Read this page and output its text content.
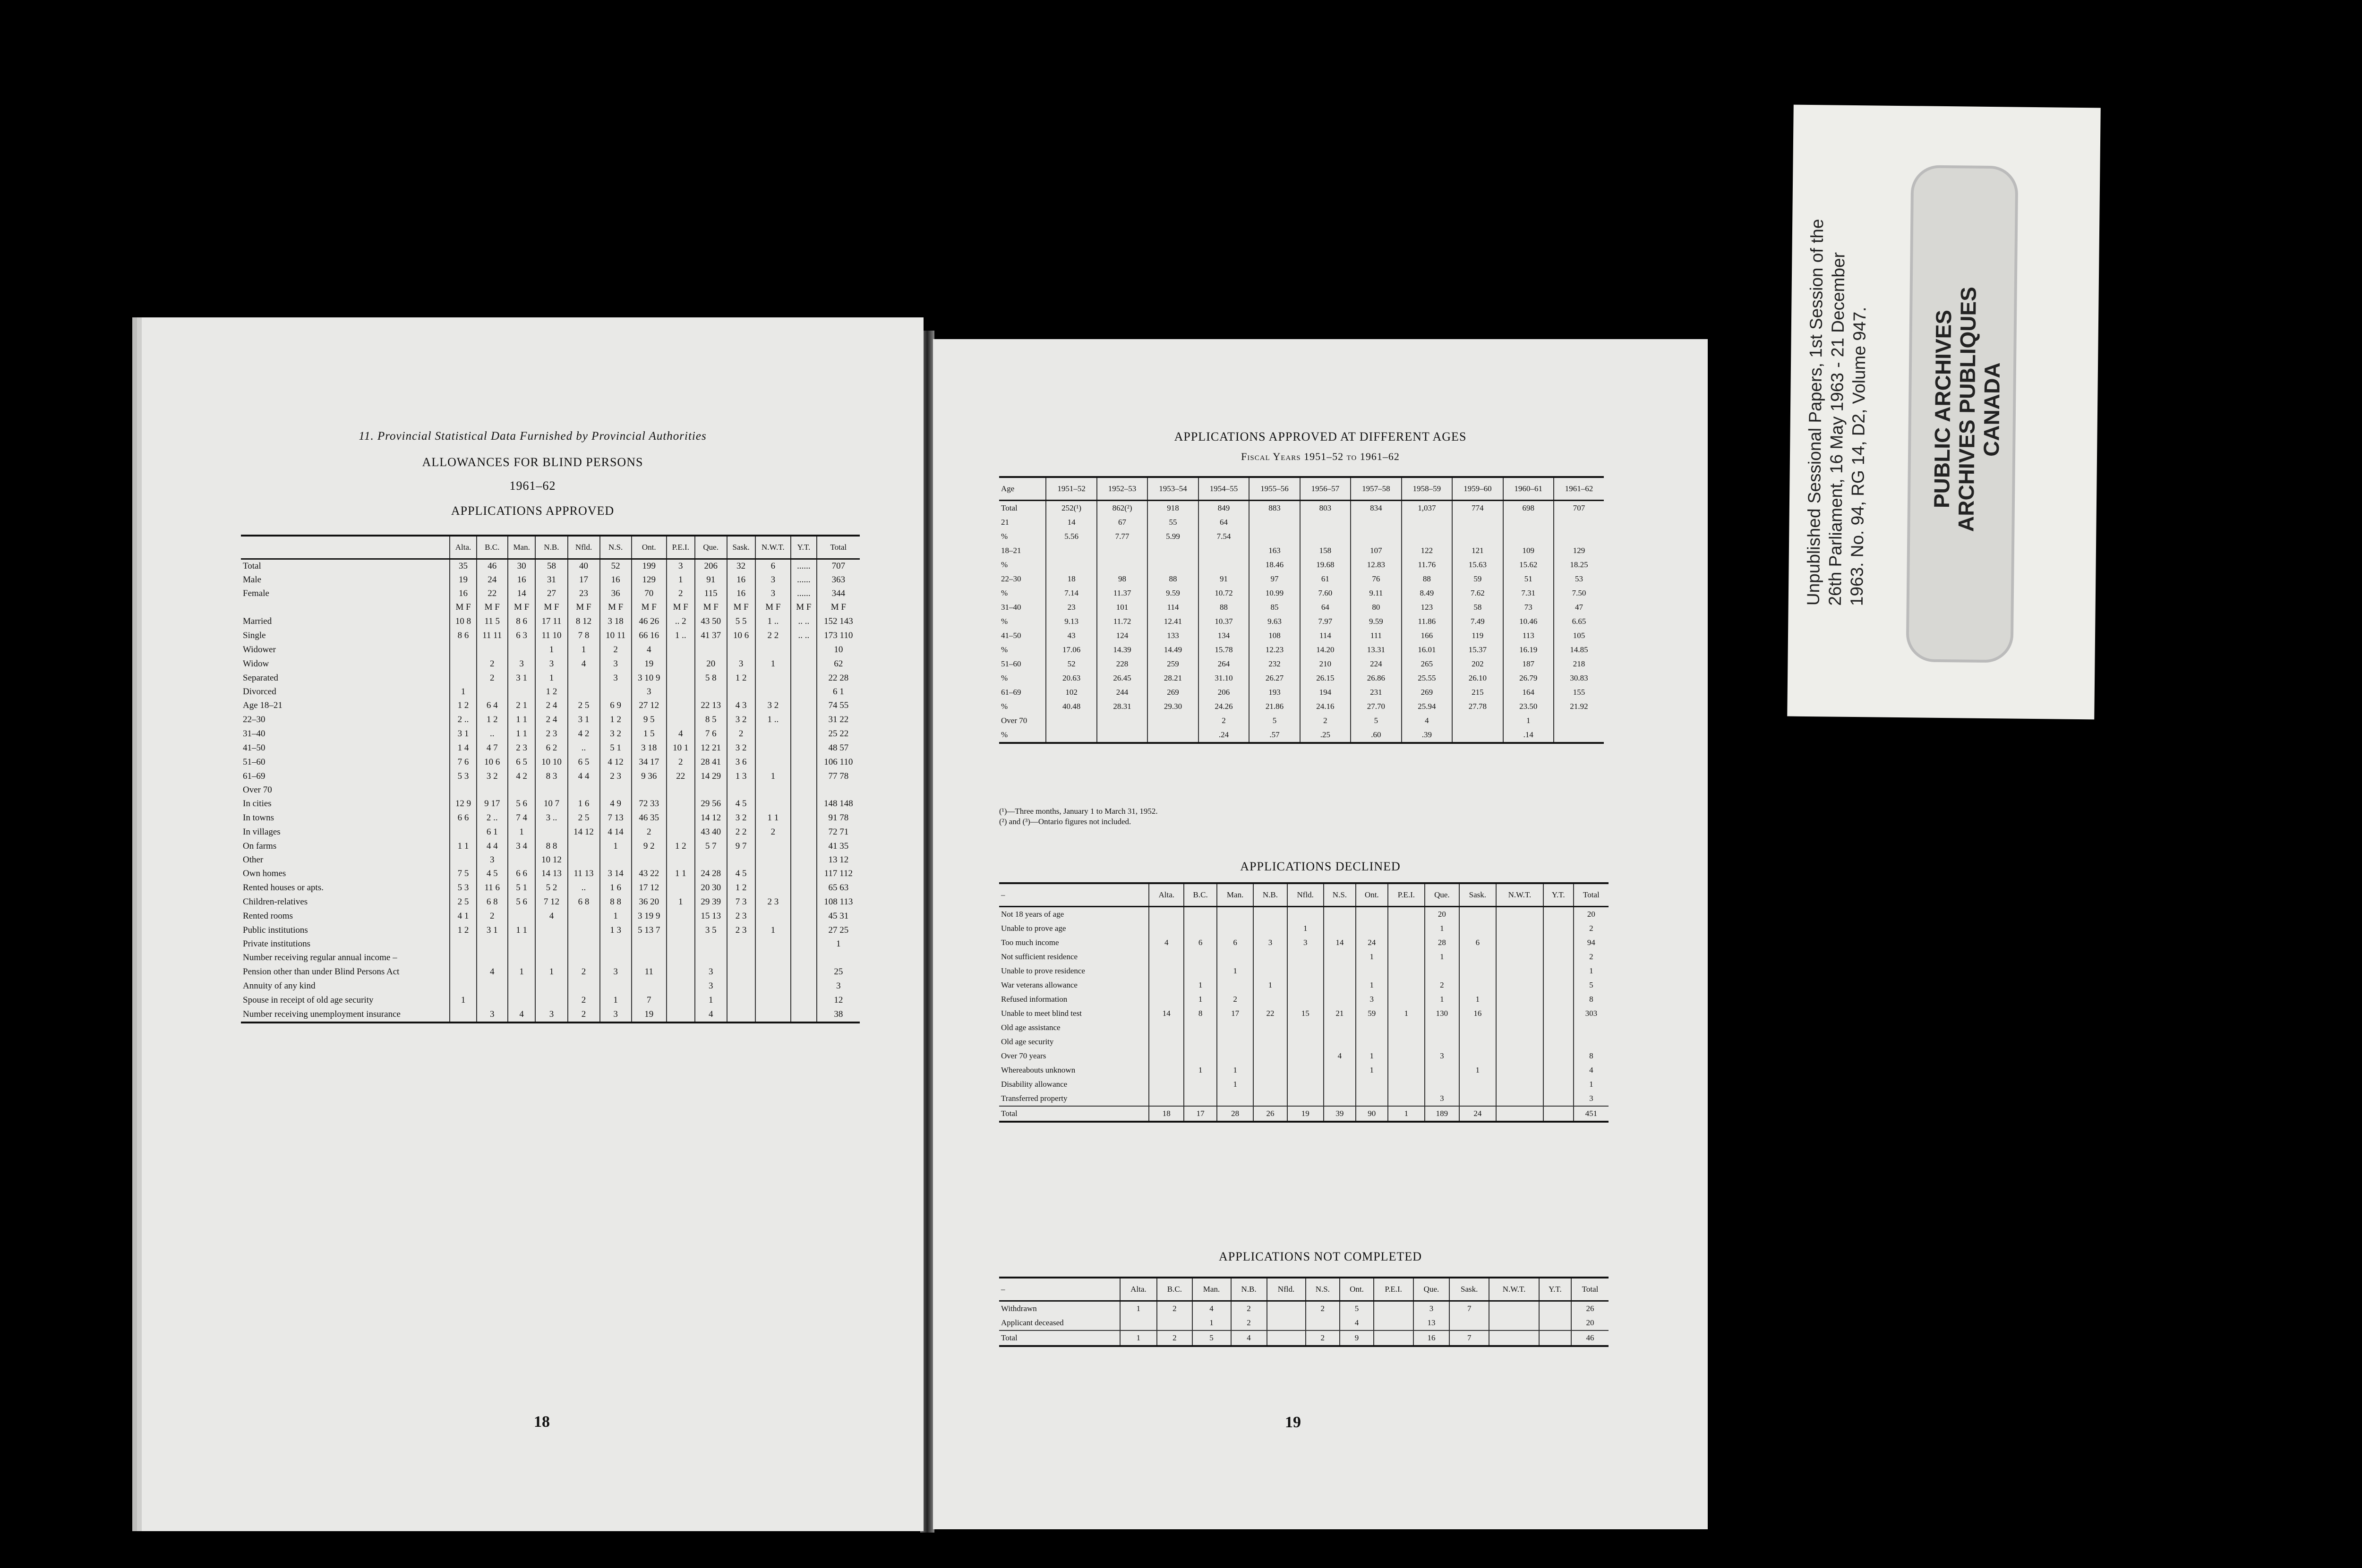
11. Provincial Statistical Data Furnished by Provincial Authorities
ALLOWANCES FOR BLIND PERSONS
1961–62
APPLICATIONS APPROVED
	Alta.	B.C.	Man.	N.B.	Nfld.	N.S.	Ont.	P.E.I.	Que.	Sask.	N.W.T.	Y.T.	Total
Total	35	46	30	58	40	52	199	3	206	32	6	......	707
Male	19	24	16	31	17	16	129	1	91	16	3	......	363
Female	16	22	14	27	23	36	70	2	115	16	3	......	344
	M F	M F	M F	M F	M F	M F	M F	M F	M F	M F	M F	M F	M F
Married	10 8	11 5	8 6	17 11	8 12	3 18	46 26	.. 2	43 50	5 5	1 ..	.. ..	152 143
Single	8 6	11 11	6 3	11 10	7 8	10 11	66 16	1 ..	41 37	10 6	2 2	.. ..	173 110
Widower				1	1	2	4						10
Widow		2	3	3	4	3	19		20	3	1		62
Separated		2	3 1	1		3	3 10 9		5 8	1 2			22 28
Divorced	1			1 2			3						6 1
Age 18–21	1 2	6 4	2 1	2 4	2 5	6 9	27 12		22 13	4 3	3 2		74 55
22–30	2 ..	1 2	1 1	2 4	3 1	1 2	9 5		8 5	3 2	1 ..		31 22
31–40	3 1	..	1 1	2 3	4 2	3 2	1 5	4	7 6	2			25 22
41–50	1 4	4 7	2 3	6 2	..	5 1	3 18	10 1	12 21	3 2			48 57
51–60	7 6	10 6	6 5	10 10	6 5	4 12	34 17	2	28 41	3 6			106 110
61–69	5 3	3 2	4 2	8 3	4 4	2 3	9 36	22	14 29	1 3	1		77 78
Over 70													
In cities	12 9	9 17	5 6	10 7	1 6	4 9	72 33		29 56	4 5			148 148
In towns	6 6	2 ..	7 4	3 ..	2 5	7 13	46 35		14 12	3 2	1 1		91 78
In villages		6 1	1		14 12	4 14	2		43 40	2 2	2		72 71
On farms	1 1	4 4	3 4	8 8		1	9 2	1 2	5 7	9 7			41 35
Other		3		10 12									13 12
Own homes	7 5	4 5	6 6	14 13	11 13	3 14	43 22	1 1	24 28	4 5			117 112
Rented houses or apts.	5 3	11 6	5 1	5 2	..	1 6	17 12		20 30	1 2			65 63
Children-relatives	2 5	6 8	5 6	7 12	6 8	8 8	36 20	1	29 39	7 3	2 3		108 113
Rented rooms	4 1	2		4		1	3 19 9		15 13	2 3			45 31
Public institutions	1 2	3 1	1 1			1 3	5 13 7		3 5	2 3	1		27 25
Private institutions													1
Number receiving regular annual income –													
Pension other than under Blind Persons Act		4	1	1	2	3	11		3				25
Annuity of any kind									3				3
Spouse in receipt of old age security	1				2	1	7		1				12
Number receiving unemployment insurance		3	4	3	2	3	19		4				38
18
APPLICATIONS APPROVED AT DIFFERENT AGES
Fiscal Years 1951–52 to 1961–62
Age	1951–52	1952–53	1953–54	1954–55	1955–56	1956–57	1957–58	1958–59	1959–60	1960–61	1961–62
Total	252(¹)	862(²)	918	849	883	803	834	1,037	774	698	707
21	14	67	55	64							
%	5.56	7.77	5.99	7.54							
18–21					163	158	107	122	121	109	129
%					18.46	19.68	12.83	11.76	15.63	15.62	18.25
22–30	18	98	88	91	97	61	76	88	59	51	53
%	7.14	11.37	9.59	10.72	10.99	7.60	9.11	8.49	7.62	7.31	7.50
31–40	23	101	114	88	85	64	80	123	58	73	47
%	9.13	11.72	12.41	10.37	9.63	7.97	9.59	11.86	7.49	10.46	6.65
41–50	43	124	133	134	108	114	111	166	119	113	105
%	17.06	14.39	14.49	15.78	12.23	14.20	13.31	16.01	15.37	16.19	14.85
51–60	52	228	259	264	232	210	224	265	202	187	218
%	20.63	26.45	28.21	31.10	26.27	26.15	26.86	25.55	26.10	26.79	30.83
61–69	102	244	269	206	193	194	231	269	215	164	155
%	40.48	28.31	29.30	24.26	21.86	24.16	27.70	25.94	27.78	23.50	21.92
Over 70				2	5	2	5	4		1	
%				.24	.57	.25	.60	.39		.14	
(¹)—Three months, January 1 to March 31, 1952.
(²) and (³)—Ontario figures not included.
APPLICATIONS DECLINED
–	Alta.	B.C.	Man.	N.B.	Nfld.	N.S.	Ont.	P.E.I.	Que.	Sask.	N.W.T.	Y.T.	Total
Not 18 years of age									20				20
Unable to prove age					1				1				2
Too much income	4	6	6	3	3	14	24		28	6			94
Not sufficient residence							1		1				2
Unable to prove residence			1										1
War veterans allowance		1		1			1		2				5
Refused information		1	2				3		1	1			8
Unable to meet blind test	14	8	17	22	15	21	59	1	130	16			303
Old age assistance													
Old age security													
Over 70 years						4	1		3				8
Whereabouts unknown		1	1				1			1			4
Disability allowance			1										1
Transferred property									3				3
Total	18	17	28	26	19	39	90	1	189	24			451
APPLICATIONS NOT COMPLETED
–	Alta.	B.C.	Man.	N.B.	Nfld.	N.S.	Ont.	P.E.I.	Que.	Sask.	N.W.T.	Y.T.	Total
Withdrawn	1	2	4	2		2	5		3	7			26
Applicant deceased			1	2			4		13				20
Total	1	2	5	4		2	9		16	7			46
19
Unpublished Sessional Papers, 1st Session of the
26th Parliament, 16 May 1963 - 21 December
1963. No. 94, RG 14, D2, Volume 947.	PUBLIC ARCHIVES
ARCHIVES PUBLIQUES
CANADA
